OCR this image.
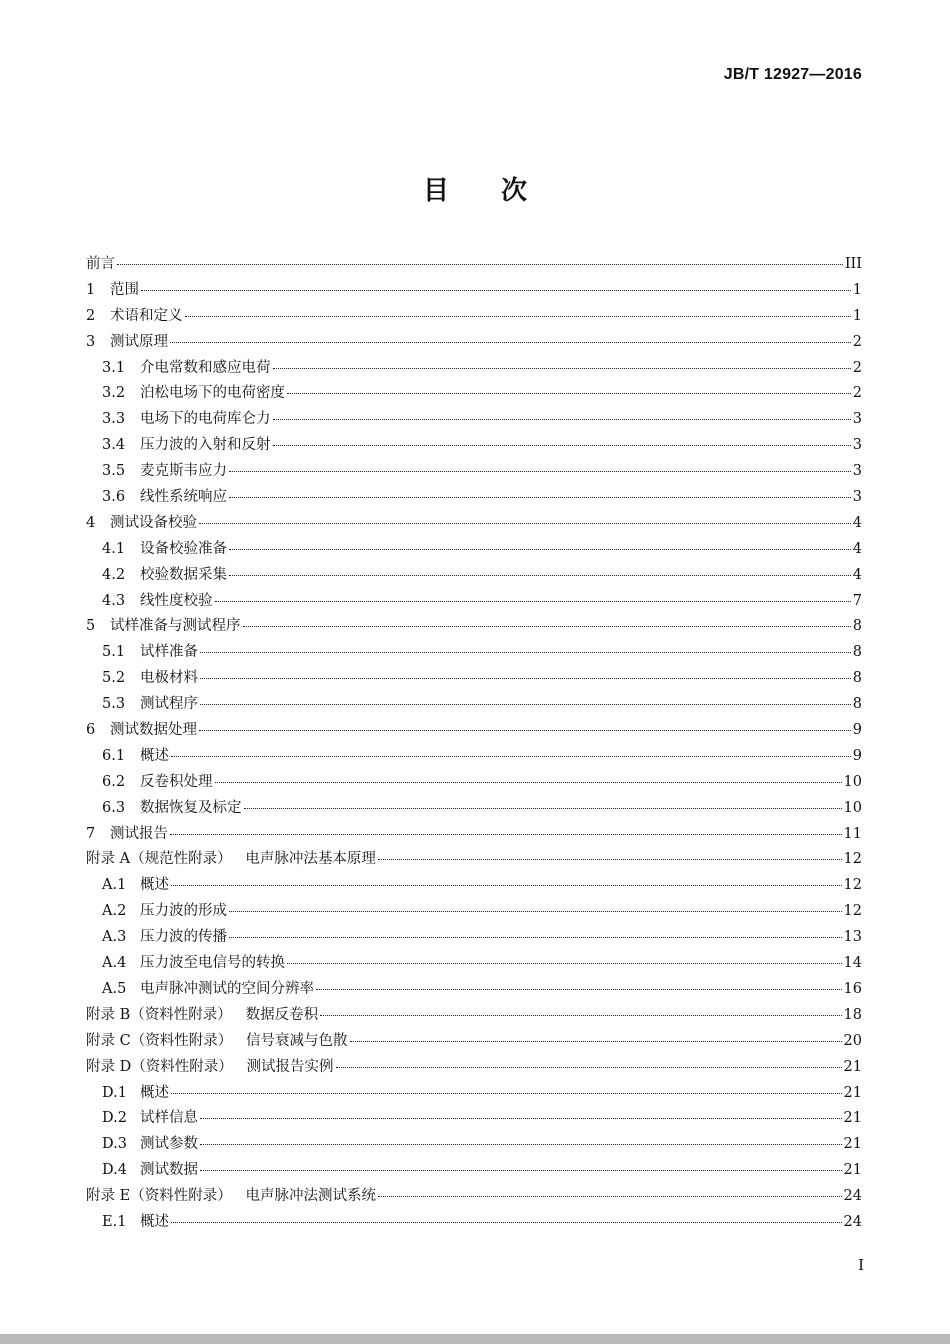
JB/T 12927—2016
目次
前言	III
1	范围	1
2	术语和定义	1
3	测试原理	2
3.1	介电常数和感应电荷	2
3.2	泊松电场下的电荷密度	2
3.3	电场下的电荷库仑力	3
3.4	压力波的入射和反射	3
3.5	麦克斯韦应力	3
3.6	线性系统响应	3
4	测试设备校验	4
4.1	设备校验准备	4
4.2	校验数据采集	4
4.3	线性度校验	7
5	试样准备与测试程序	8
5.1	试样准备	8
5.2	电极材料	8
5.3	测试程序	8
6	测试数据处理	9
6.1	概述	9
6.2	反卷积处理	10
6.3	数据恢复及标定	10
7	测试报告	11
附录 A（规范性附录）   电声脉冲法基本原理	12
A.1 概述	12
A.2 压力波的形成	12
A.3 压力波的传播	13
A.4 压力波至电信号的转换	14
A.5 电声脉冲测试的空间分辨率	16
附录 B（资料性附录）   数据反卷积	18
附录 C（资料性附录）   信号衰减与色散	20
附录 D（资料性附录）   测试报告实例	21
D.1 概述	21
D.2 试样信息	21
D.3 测试参数	21
D.4 测试数据	21
附录 E（资料性附录）   电声脉冲法测试系统	24
E.1 概述	24
I
